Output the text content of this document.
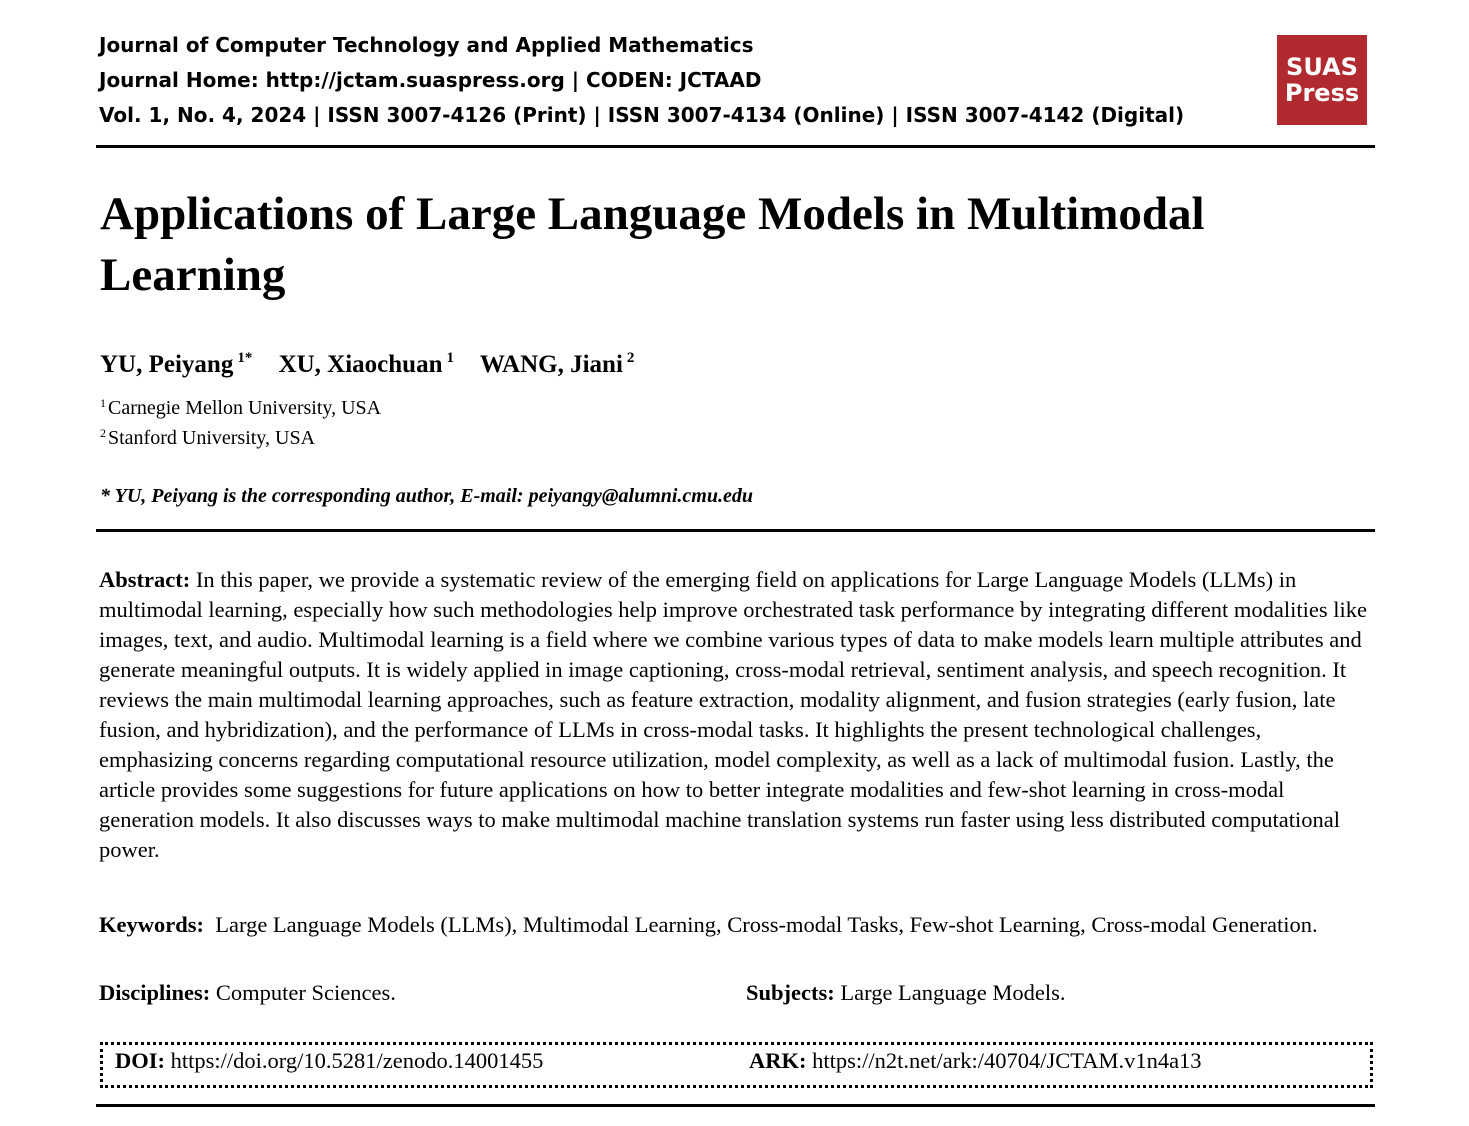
Journal of Computer Technology and Applied Mathematics
Journal Home: http://jctam.suaspress.org | CODEN: JCTAAD
Vol. 1, No. 4, 2024 | ISSN 3007-4126 (Print) | ISSN 3007-4134 (Online) | ISSN 3007-4142 (Digital)
SUAS
Press
Applications of Large Language Models in Multimodal Learning
YU, Peiyang $^{1*}$ XU, Xiaochuan $^1$ WANG, Jiani $^2$
$^1$ Carnegie Mellon University, USA
$^2$ Stanford University, USA
* YU, Peiyang is the corresponding author, E-mail: peiyangy@alumni.cmu.edu

Abstract: In this paper, we provide a systematic review of the emerging field on applications for Large Language Models (LLMs) in multimodal learning, especially how such methodologies help improve orchestrated task performance by integrating different modalities like images, text, and audio. Multimodal learning is a field where we combine various types of data to make models learn multiple attributes and generate meaningful outputs. It is widely applied in image captioning, cross-modal retrieval, sentiment analysis, and speech recognition. It reviews the main multimodal learning approaches, such as feature extraction, modality alignment, and fusion strategies (early fusion, late fusion, and hybridization), and the performance of LLMs in cross-modal tasks. It highlights the present technological challenges, emphasizing concerns regarding computational resource utilization, model complexity, as well as a lack of multimodal fusion. Lastly, the article provides some suggestions for future applications on how to better integrate modalities and few-shot learning in cross-modal generation models. It also discusses ways to make multimodal machine translation systems run faster using less distributed computational power.

Keywords: Large Language Models (LLMs), Multimodal Learning, Cross-modal Tasks, Few-shot Learning, Cross-modal Generation.

Disciplines: Computer Sciences.	Subjects: Large Language Models.
DOI: https://doi.org/10.5281/zenodo.14001455	ARK: https://n2t.net/ark:/40704/JCTAM.v1n4a13
